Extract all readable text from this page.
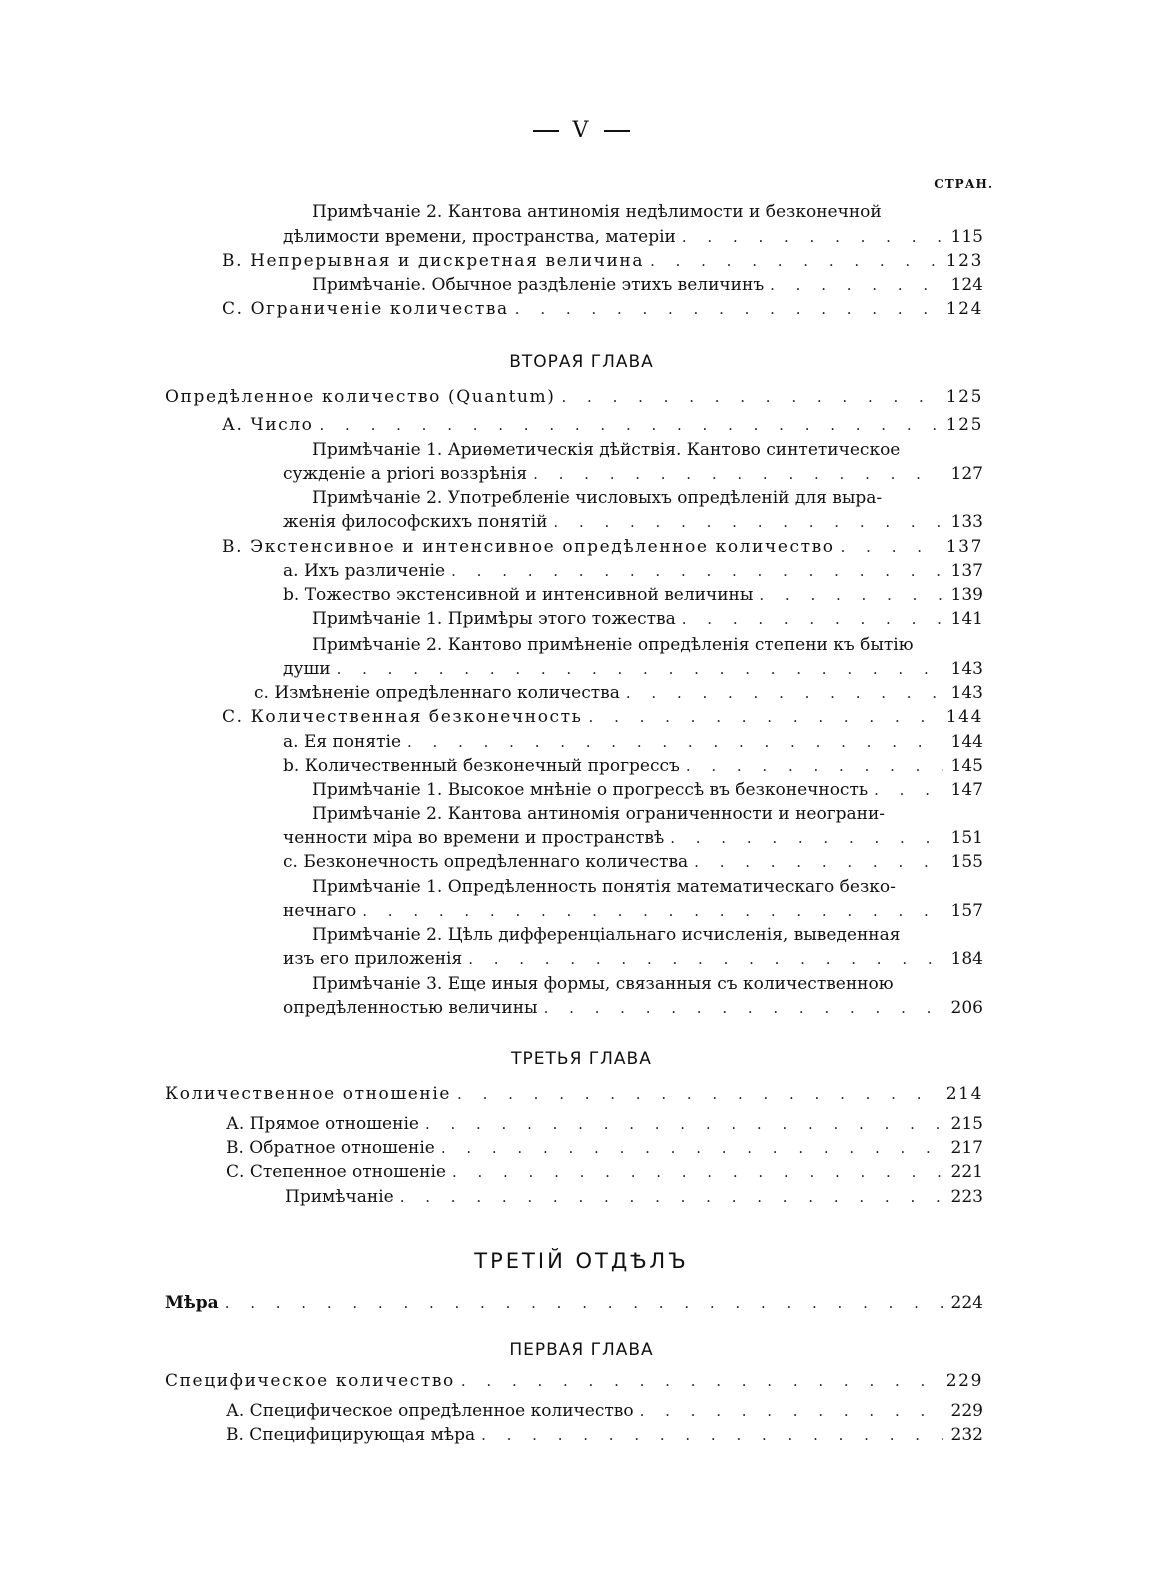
V
СТРАН.
Примѣчаніе 2. Кантова антиномія недѣлимости и безконечной
дѣлимости времени, пространства, матеріи . . .	115
В. Непрерывная и дискретная величина . . .	123
Примѣчаніе. Обычное раздѣленіе этихъ величинъ . . .	124
С. Ограниченіе количества . . .	124
ВТОРАЯ ГЛАВА
Опредѣленное количество (Quantum) . . .	125
А. Число . . .	125
Примѣчаніе 1. Ариѳметическія дѣйствія. Кантово синтетическое
сужденіе a priori воззрѣнія . . .	127
Примѣчаніе 2. Употребленіе числовыхъ опредѣленій для выра-
женія философскихъ понятій . . .	133
В. Экстенсивное и интенсивное опредѣленное количество . . .	137
a. Ихъ различеніе . . .	137
b. Тожество экстенсивной и интенсивной величины . . .	139
Примѣчаніе 1. Примѣры этого тожества . . .	141
Примѣчаніе 2. Кантово примѣненіе опредѣленія степени къ бытію
души . . .	143
c. Измѣненіе опредѣленнаго количества . . .	143
С. Количественная безконечность . . .	144
a. Ея понятіе . . .	144
b. Количественный безконечный прогрессъ . . .	145
Примѣчаніе 1. Высокое мнѣніе о прогрессѣ въ безконечность . . .	147
Примѣчаніе 2. Кантова антиномія ограниченности и неограни-
ченности міра во времени и пространствѣ . . .	151
c. Безконечность опредѣленнаго количества . . .	155
Примѣчаніе 1. Опредѣленность понятія математическаго безко-
нечнаго . . .	157
Примѣчаніе 2. Цѣль дифференціальнаго исчисленія, выведенная
изъ его приложенія . . .	184
Примѣчаніе 3. Еще иныя формы, связанныя съ количественною
опредѣленностью величины . . .	206
ТРЕТЬЯ ГЛАВА
Количественное отношеніе . . .	214
А. Прямое отношеніе . . .	215
В. Обратное отношеніе . . .	217
С. Степенное отношеніе . . .	221
Примѣчаніе . . .	223
ТРЕТІЙ ОТДѢЛЪ
Мѣра . . .	224
ПЕРВАЯ ГЛАВА
Специфическое количество . . .	229
А. Специфическое опредѣленное количество . . .	229
В. Специфицирующая мѣра . . .	232
